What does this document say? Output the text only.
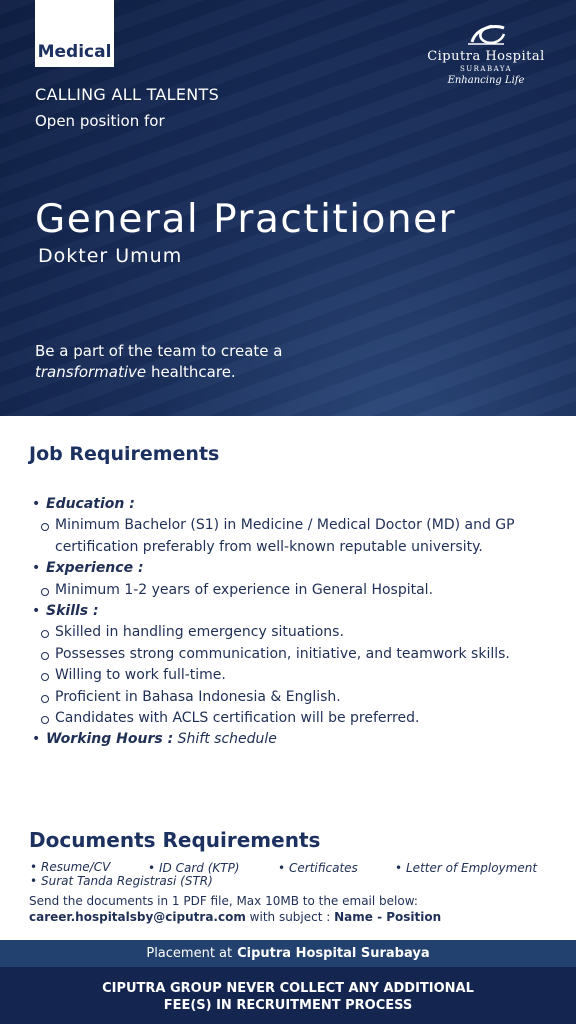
Medical	Ciputra Hospital
SURABAYA
Enhancing Life
CALLING ALL TALENTS
Open position for
General Practitioner
Dokter Umum
Be a part of the team to create a
transformative healthcare.
Job Requirements
• Education :
Minimum Bachelor (S1) in Medicine / Medical Doctor (MD) and GP certification preferably from well-known reputable university.
• Experience :
Minimum 1-2 years of experience in General Hospital.
• Skills :
Skilled in handling emergency situations.
Possesses strong communication, initiative, and teamwork skills.
Willing to work full-time.
Proficient in Bahasa Indonesia & English.
Candidates with ACLS certification will be preferred.
• Working Hours : Shift schedule
Documents Requirements
• Resume/CV	• ID Card (KTP)	• Certificates	• Letter of Employment
• Surat Tanda Registrasi (STR)
Send the documents in 1 PDF file, Max 10MB to the email below:
career.hospitalsby@ciputra.com with subject : Name - Position
Placement at Ciputra Hospital Surabaya
CIPUTRA GROUP NEVER COLLECT ANY ADDITIONAL
FEE(S) IN RECRUITMENT PROCESS
